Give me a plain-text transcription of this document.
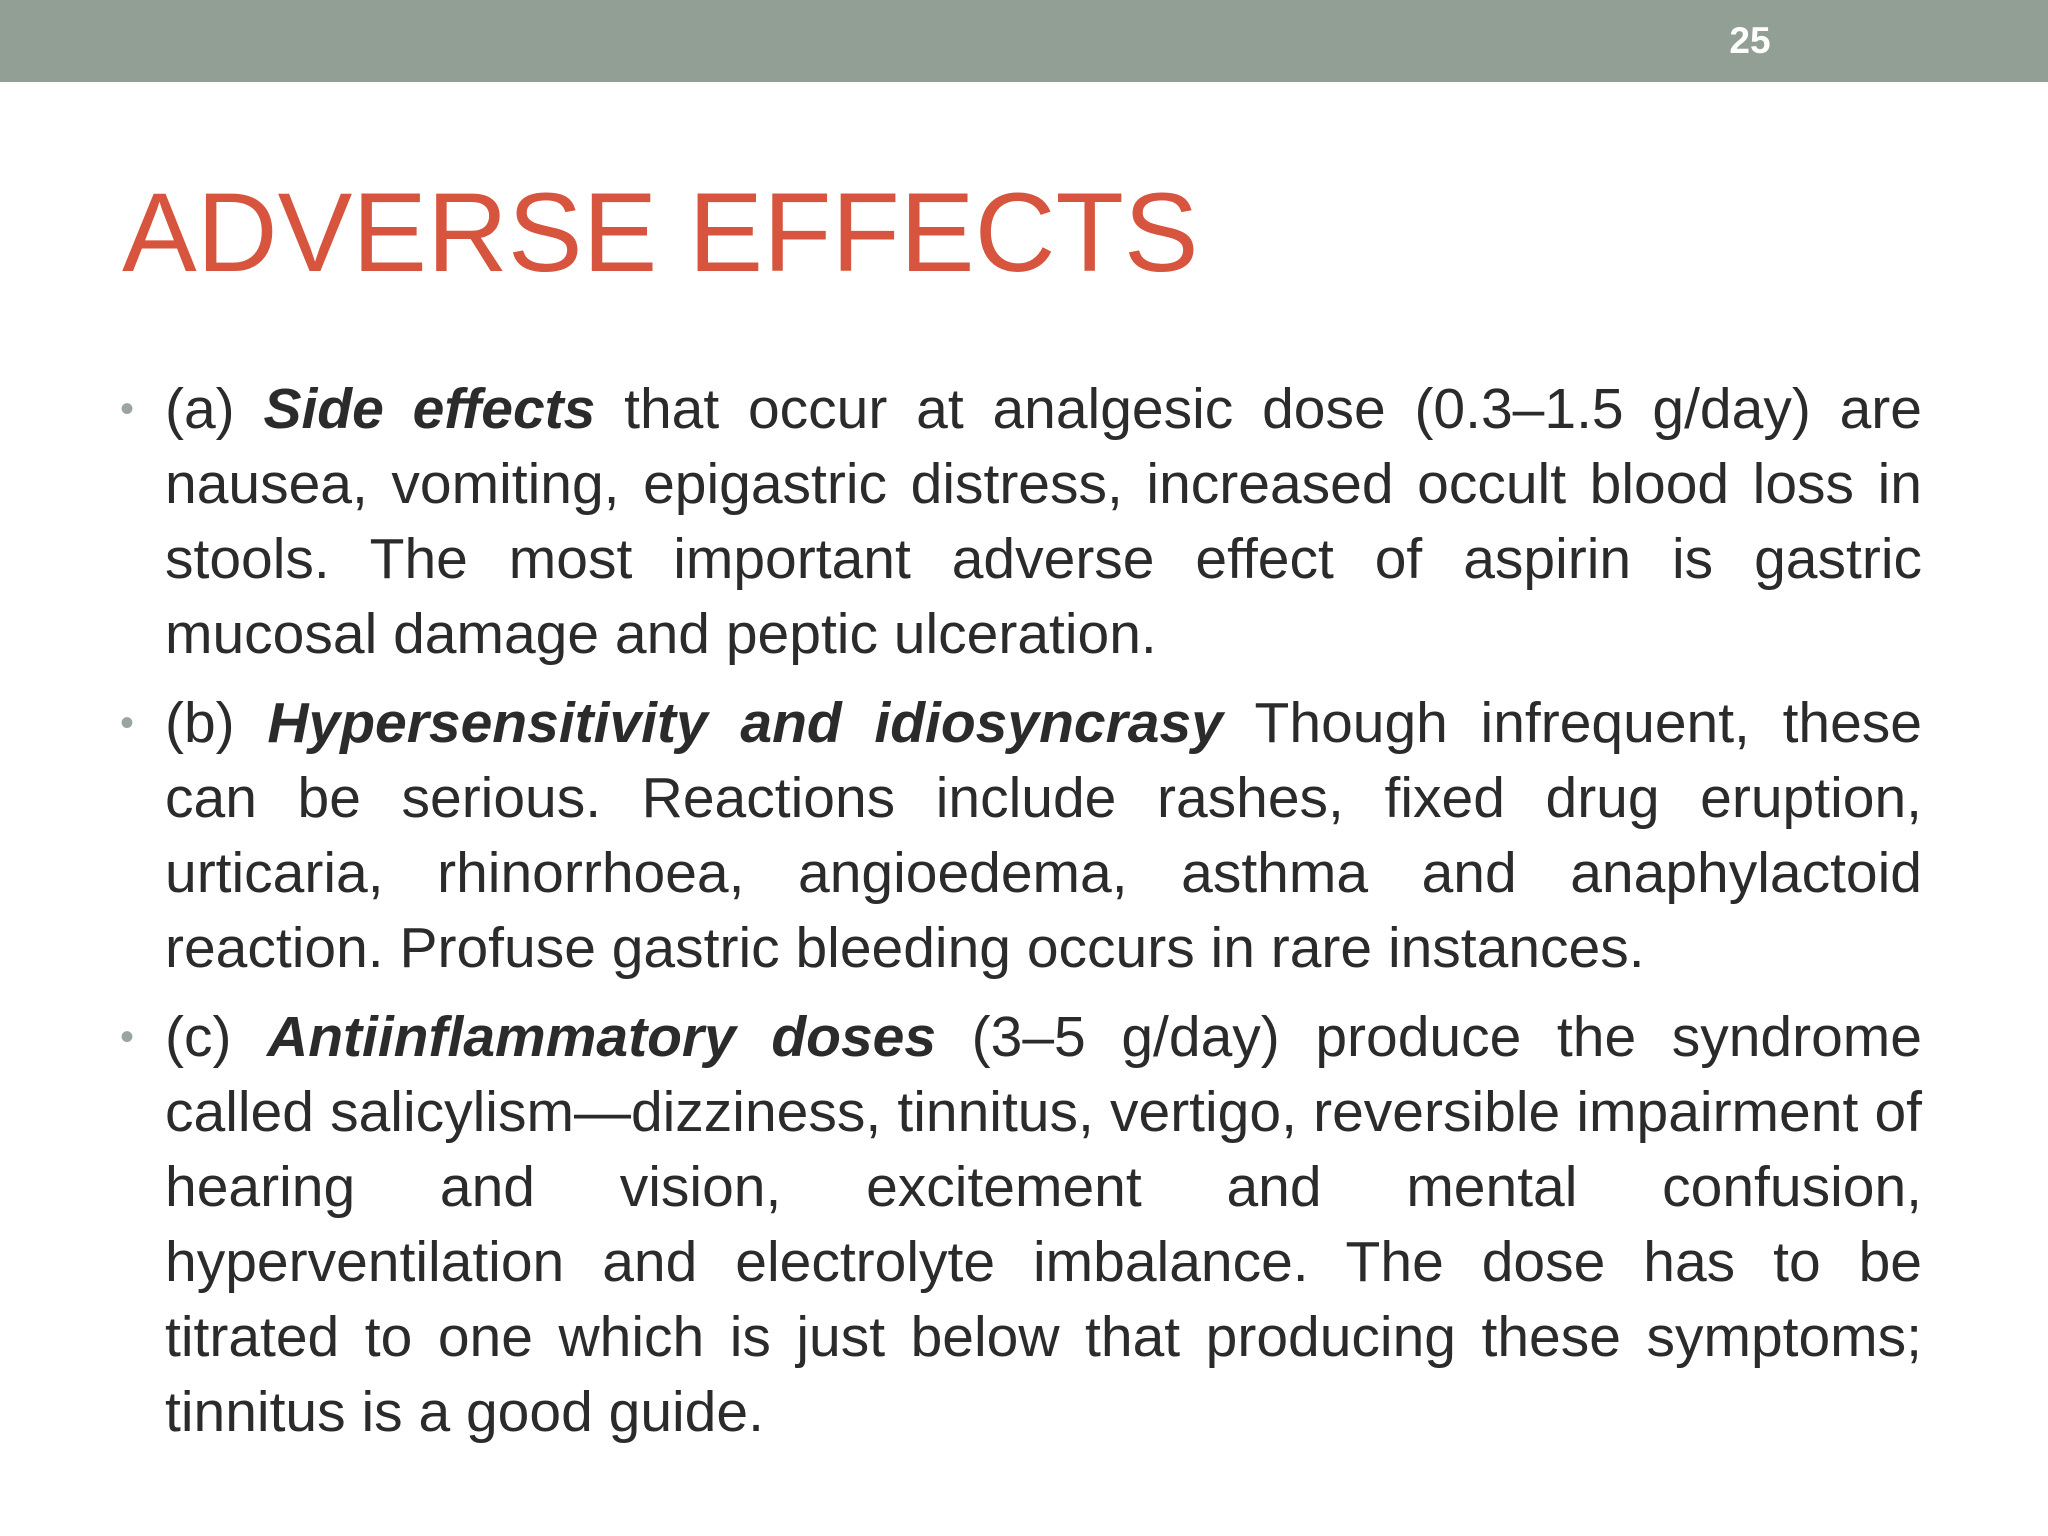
25
ADVERSE EFFECTS
• (a) Side effects that occur at analgesic dose (0.3–1.5 g/day) are nausea, vomiting, epigastric distress, increased occult blood loss in stools. The most important adverse effect of aspirin is gastric mucosal damage and peptic ulceration.
• (b) Hypersensitivity and idiosyncrasy Though infrequent, these can be serious. Reactions include rashes, fixed drug eruption, urticaria, rhinorrhoea, angioedema, asthma and anaphylactoid reaction. Profuse gastric bleeding occurs in rare instances.
• (c) Antiinflammatory doses (3–5 g/day) produce the syndrome called salicylism—dizziness, tinnitus, vertigo, reversible impairment of hearing and vision, excitement and mental confusion, hyperventilation and electrolyte imbalance. The dose has to be titrated to one which is just below that producing these symptoms; tinnitus is a good guide.
